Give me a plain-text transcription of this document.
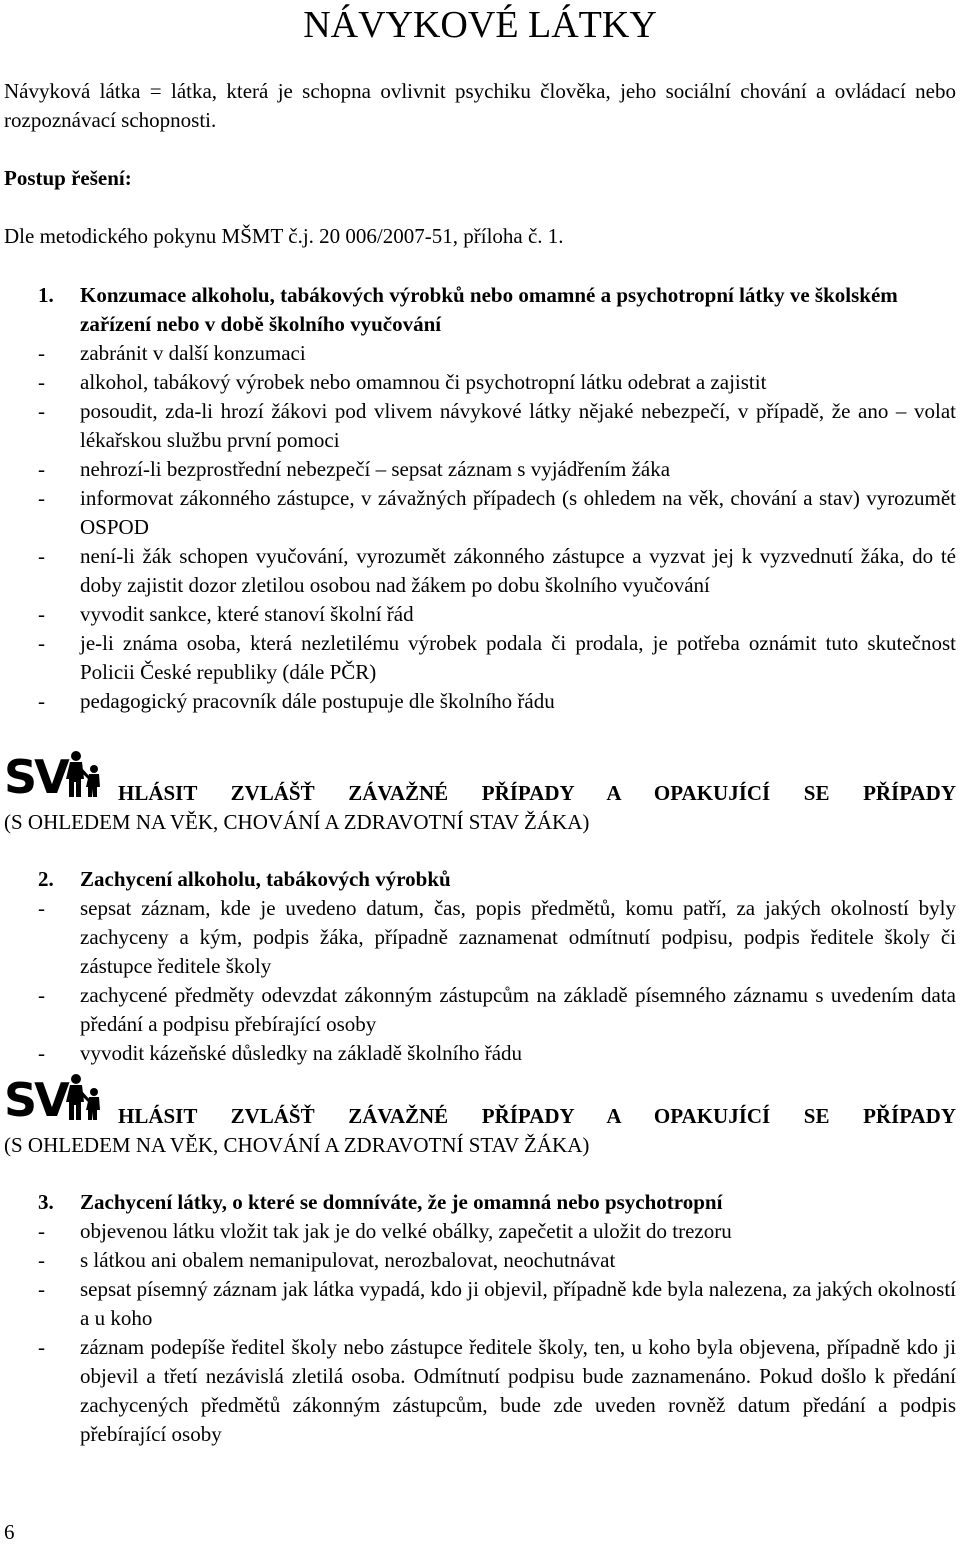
NÁVYKOVÉ LÁTKY

Návyková látka = látka, která je schopna ovlivnit psychiku člověka, jeho sociální chování a ovládací nebo rozpoznávací schopnosti.

Postup řešení:

Dle metodického pokynu MŠMT č.j. 20 006/2007-51, příloha č. 1.

1.	Konzumace alkoholu, tabákových výrobků nebo omamné a psychotropní látky ve školském zařízení nebo v době školního vyučování
-	zabránit v další konzumaci
-	alkohol, tabákový výrobek nebo omamnou či psychotropní látku odebrat a zajistit
-	posoudit, zda-li hrozí žákovi pod vlivem návykové látky nějaké nebezpečí, v případě, že ano – volat lékařskou službu první pomoci
-	nehrozí-li bezprostřední nebezpečí – sepsat záznam s vyjádřením žáka
-	informovat zákonného zástupce, v závažných případech (s ohledem na věk, chování a stav) vyrozumět OSPOD
-	není-li žák schopen vyučování, vyrozumět zákonného zástupce a vyzvat jej k vyzvednutí žáka, do té doby zajistit dozor zletilou osobou nad žákem po dobu školního vyučování
-	vyvodit sankce, které stanoví školní řád
-	je-li známa osoba, která nezletilému výrobek podala či prodala, je potřeba oznámit tuto skutečnost Policii České republiky (dále PČR)
-	pedagogický pracovník dále postupuje dle školního řádu
SV HLÁSIT ZVLÁŠŤ ZÁVAŽNÉ PŘÍPADY A OPAKUJÍCÍ SE PŘÍPADY
(S OHLEDEM NA VĚK, CHOVÁNÍ A ZDRAVOTNÍ STAV ŽÁKA)
2.	Zachycení alkoholu, tabákových výrobků
-	sepsat záznam, kde je uvedeno datum, čas, popis předmětů, komu patří, za jakých okolností byly zachyceny a kým, podpis žáka, případně zaznamenat odmítnutí podpisu, podpis ředitele školy či zástupce ředitele školy
-	zachycené předměty odevzdat zákonným zástupcům na základě písemného záznamu s uvedením data předání a podpisu přebírající osoby
-	vyvodit kázeňské důsledky na základě školního řádu
SV HLÁSIT ZVLÁŠŤ ZÁVAŽNÉ PŘÍPADY A OPAKUJÍCÍ SE PŘÍPADY
(S OHLEDEM NA VĚK, CHOVÁNÍ A ZDRAVOTNÍ STAV ŽÁKA)
3.	Zachycení látky, o které se domníváte, že je omamná nebo psychotropní
-	objevenou látku vložit tak jak je do velké obálky, zapečetit a uložit do trezoru
-	s látkou ani obalem nemanipulovat, nerozbalovat, neochutnávat
-	sepsat písemný záznam jak látka vypadá, kdo ji objevil, případně kde byla nalezena, za jakých okolností a u koho
-	záznam podepíše ředitel školy nebo zástupce ředitele školy, ten, u koho byla objevena, případně kdo ji objevil a třetí nezávislá zletilá osoba. Odmítnutí podpisu bude zaznamenáno. Pokud došlo k předání zachycených předmětů zákonným zástupcům, bude zde uveden rovněž datum předání a podpis přebírající osoby
6
